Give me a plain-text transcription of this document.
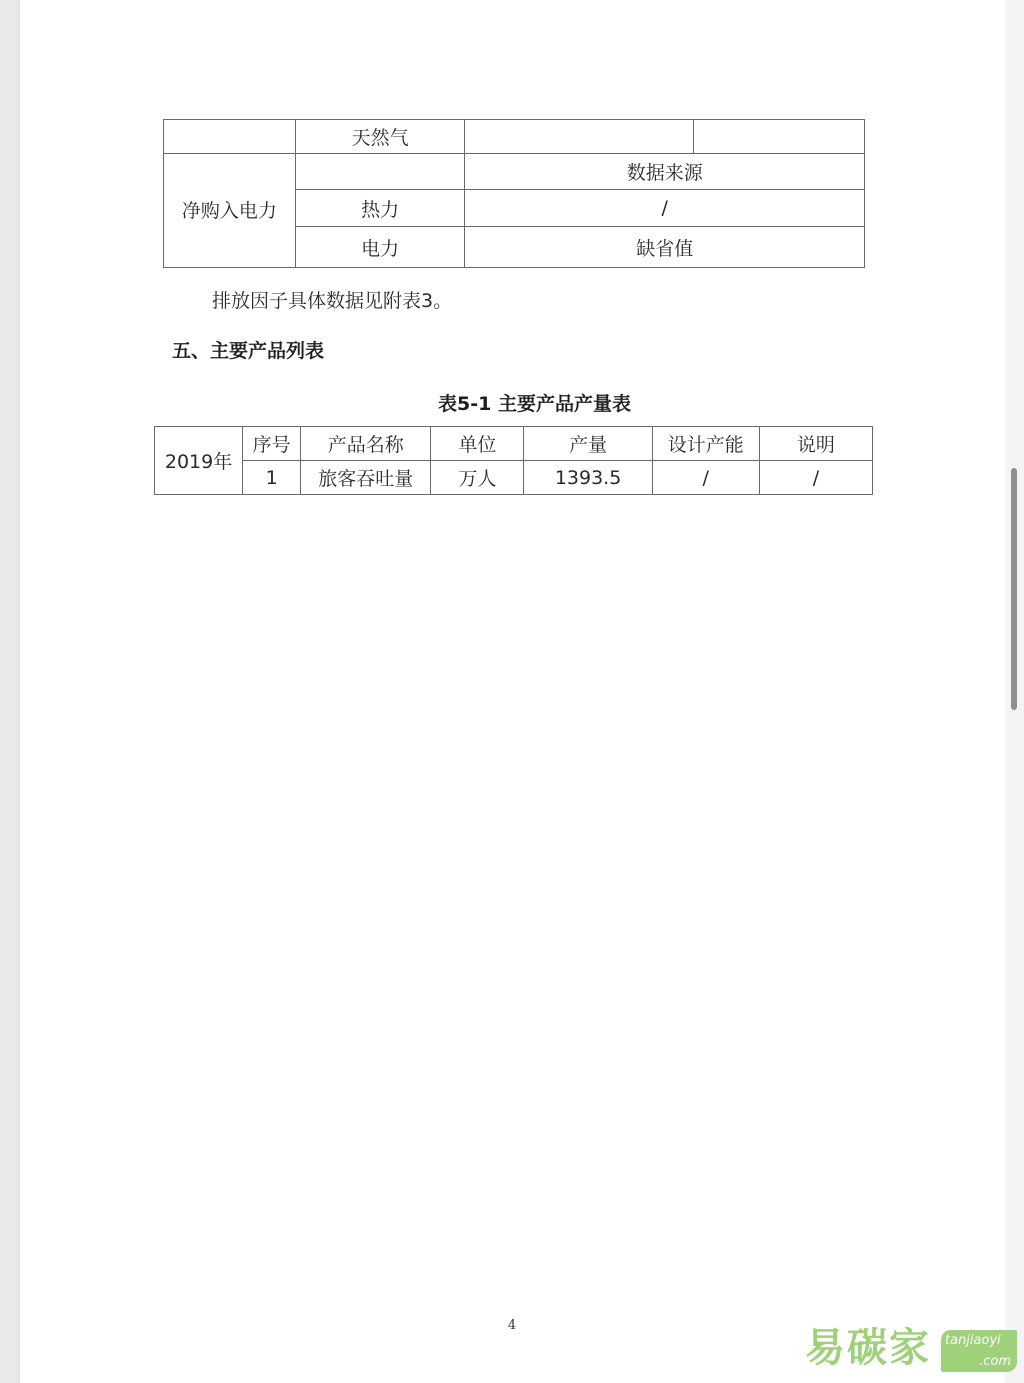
	天然气		
净购入电力		数据来源	
	热力	/	
	电力	缺省值	
排放因子具体数据见附表3。
五、主要产品列表
表5-1 主要产品产量表
2019年	序号	产品名称	单位	产量	设计产能	说明
	1	旅客吞吐量	万人	1393.5	/	/
4	易碳家 tanjiaoyi
.com
